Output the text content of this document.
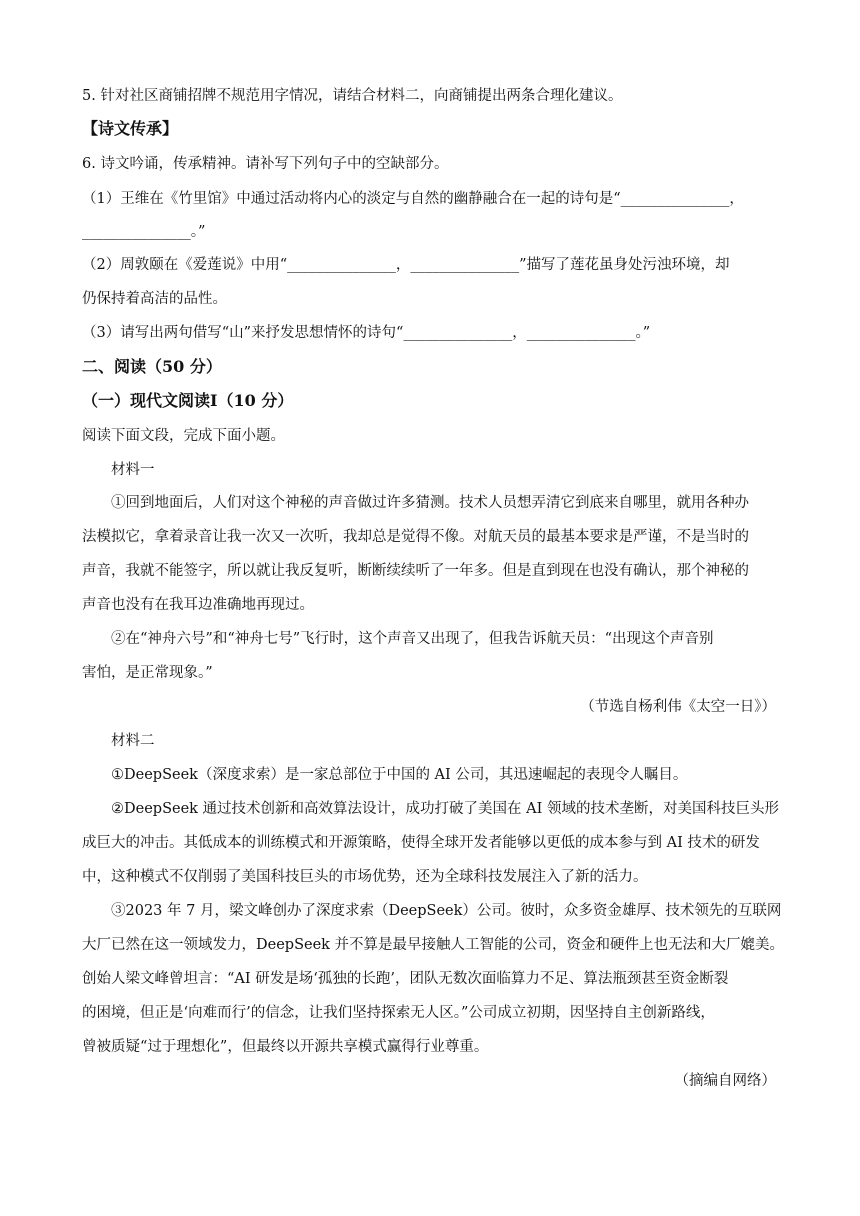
5. 针对社区商铺招牌不规范用字情况，请结合材料二，向商铺提出两条合理化建议。
【诗文传承】
6. 诗文吟诵，传承精神。请补写下列句子中的空缺部分。
（1）王维在《竹里馆》中通过活动将内心的淡定与自然的幽静融合在一起的诗句是“_______________，
_______________。”
（2）周敦颐在《爱莲说》中用“_______________，_______________”描写了莲花虽身处污浊环境，却
仍保持着高洁的品性。
（3）请写出两句借写“山”来抒发思想情怀的诗句“_______________，_______________。”
二、阅读（50 分）
（一）现代文阅读Ⅰ（10 分）
阅读下面文段，完成下面小题。
材料一
①回到地面后，人们对这个神秘的声音做过许多猜测。技术人员想弄清它到底来自哪里，就用各种办
法模拟它，拿着录音让我一次又一次听，我却总是觉得不像。对航天员的最基本要求是严谨，不是当时的
声音，我就不能签字，所以就让我反复听，断断续续听了一年多。但是直到现在也没有确认，那个神秘的
声音也没有在我耳边准确地再现过。
②在“神舟六号”和“神舟七号”飞行时，这个声音又出现了，但我告诉航天员：“出现这个声音别
害怕，是正常现象。”
（节选自杨利伟《太空一日》）
材料二
①DeepSeek（深度求索）是一家总部位于中国的 AI 公司，其迅速崛起的表现令人瞩目。
②DeepSeek 通过技术创新和高效算法设计，成功打破了美国在 AI 领域的技术垄断，对美国科技巨头形
成巨大的冲击。其低成本的训练模式和开源策略，使得全球开发者能够以更低的成本参与到 AI 技术的研发
中，这种模式不仅削弱了美国科技巨头的市场优势，还为全球科技发展注入了新的活力。
③2023 年 7 月，梁文峰创办了深度求索（DeepSeek）公司。彼时，众多资金雄厚、技术领先的互联网
大厂已然在这一领域发力，DeepSeek 并不算是最早接触人工智能的公司，资金和硬件上也无法和大厂媲美。
创始人梁文峰曾坦言：“AI 研发是场‘孤独的长跑’，团队无数次面临算力不足、算法瓶颈甚至资金断裂
的困境，但正是‘向难而行’的信念，让我们坚持探索无人区。”公司成立初期，因坚持自主创新路线，
曾被质疑“过于理想化”，但最终以开源共享模式赢得行业尊重。
（摘编自网络）
